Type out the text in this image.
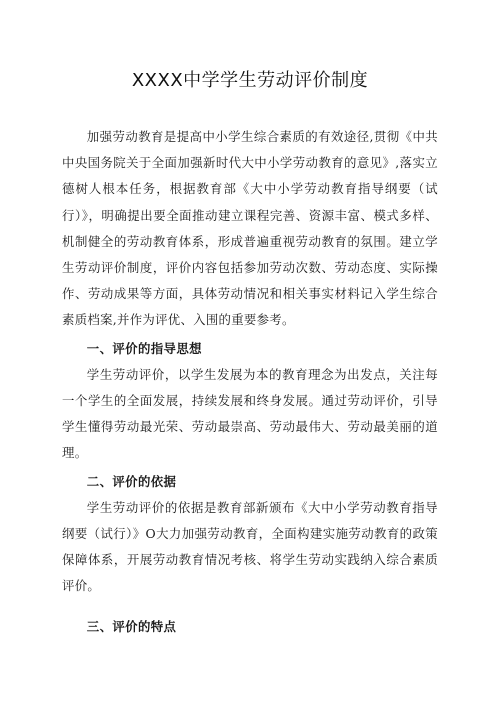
XXXX中学学生劳动评价制度

加强劳动教育是提高中小学生综合素质的有效途径,贯彻《中共中央国务院关于全面加强新时代大中小学劳动教育的意见》,落实立德树人根本任务，根据教育部《大中小学劳动教育指导纲要（试行）》，明确提出要全面推动建立课程完善、资源丰富、模式多样、机制健全的劳动教育体系，形成普遍重视劳动教育的氛围。建立学生劳动评价制度，评价内容包括参加劳动次数、劳动态度、实际操作、劳动成果等方面，具体劳动情况和相关事实材料记入学生综合素质档案,并作为评优、入围的重要参考。

一、评价的指导思想

学生劳动评价，以学生发展为本的教育理念为出发点，关注每一个学生的全面发展，持续发展和终身发展。通过劳动评价，引导学生懂得劳动最光荣、劳动最崇高、劳动最伟大、劳动最美丽的道理。

二、评价的依据

学生劳动评价的依据是教育部新颁布《大中小学劳动教育指导纲要（试行）》O大力加强劳动教育，全面构建实施劳动教育的政策保障体系，开展劳动教育情况考核、将学生劳动实践纳入综合素质评价。

三、评价的特点
